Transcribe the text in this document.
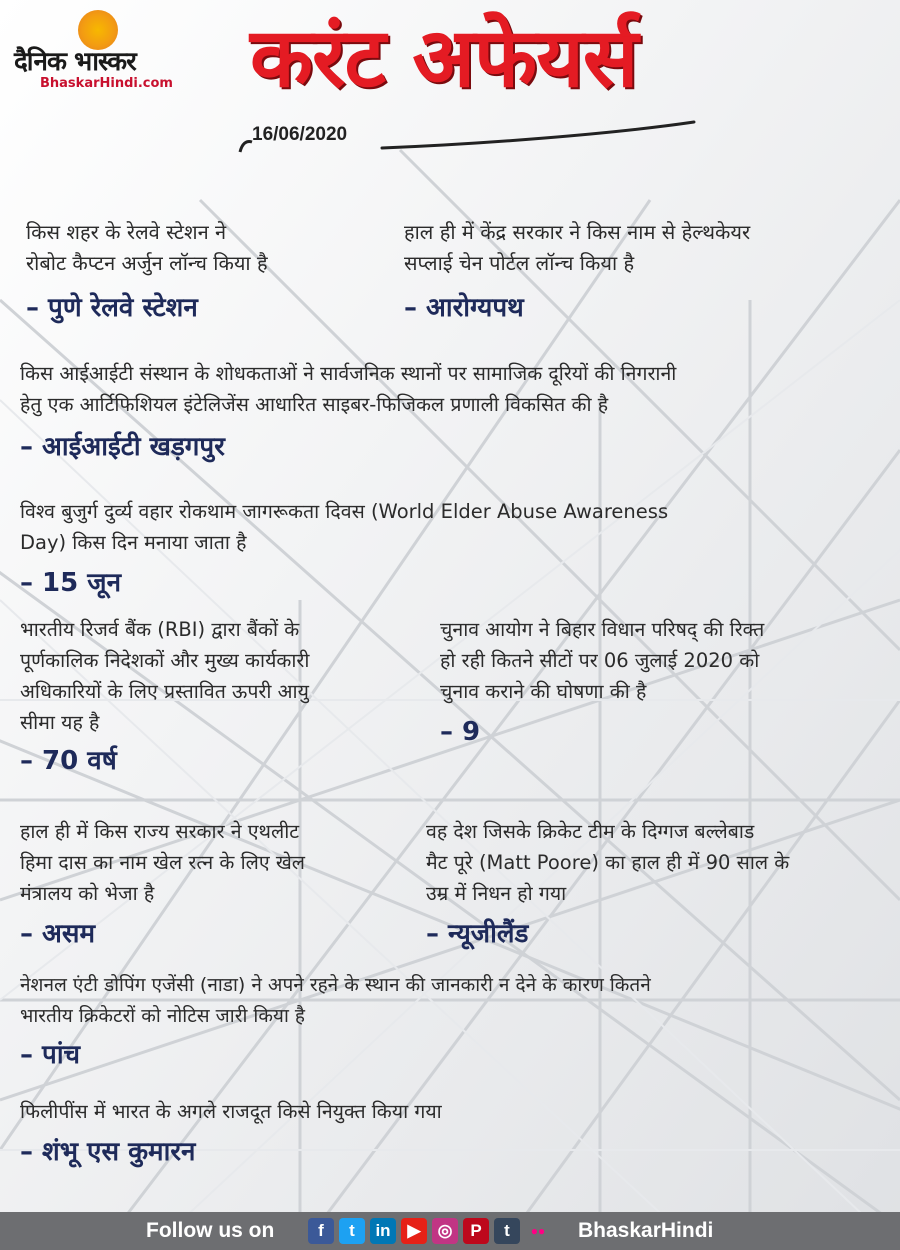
दैनिक भास्कर
BhaskarHindi.com करंट अफेयर्स
16/06/2020
किस शहर के रेलवे स्टेशन ने
रोबोट कैप्टन अर्जुन लॉन्च किया है
– पुणे रेलवे स्टेशन
हाल ही में केंद्र सरकार ने किस नाम से हेल्थकेयर
सप्लाई चेन पोर्टल लॉन्च किया है
– आरोग्यपथ
किस आईआईटी संस्थान के शोधकताओं ने सार्वजनिक स्थानों पर सामाजिक दूरियों की निगरानी
हेतु एक आर्टिफिशियल इंटेलिजेंस आधारित साइबर-फिजिकल प्रणाली विकसित की है
– आईआईटी खड़गपुर
विश्व बुजुर्ग दुर्व्य वहार रोकथाम जागरूकता दिवस (World Elder Abuse Awareness
Day) किस दिन मनाया जाता है
– 15 जून
भारतीय रिजर्व बैंक (RBI) द्वारा बैंकों के
पूर्णकालिक निदेशकों और मुख्य कार्यकारी
अधिकारियों के लिए प्रस्तावित ऊपरी आयु
सीमा यह है
– 70 वर्ष
चुनाव आयोग ने बिहार विधान परिषद् की रिक्त
हो रही कितने सीटों पर 06 जुलाई 2020 को
चुनाव कराने की घोषणा की है
– 9
हाल ही में किस राज्य सरकार ने एथलीट
हिमा दास का नाम खेल रत्न के लिए खेल
मंत्रालय को भेजा है
– असम
वह देश जिसके क्रिकेट टीम के दिग्गज बल्लेबाड
मैट पूरे (Matt Poore) का हाल ही में 90 साल के
उम्र में निधन हो गया
– न्यूजीलैंड
नेशनल एंटी डोपिंग एजेंसी (नाडा) ने अपने रहने के स्थान की जानकारी न देने के कारण कितने
भारतीय क्रिकेटरों को नोटिस जारी किया है
– पांच
फिलीपींस में भारत के अगले राजदूत किसे नियुक्त किया गया
– शंभू एस कुमारन
Follow us on	f	t	in ▶	◎	P	t	●● BhaskarHindi
